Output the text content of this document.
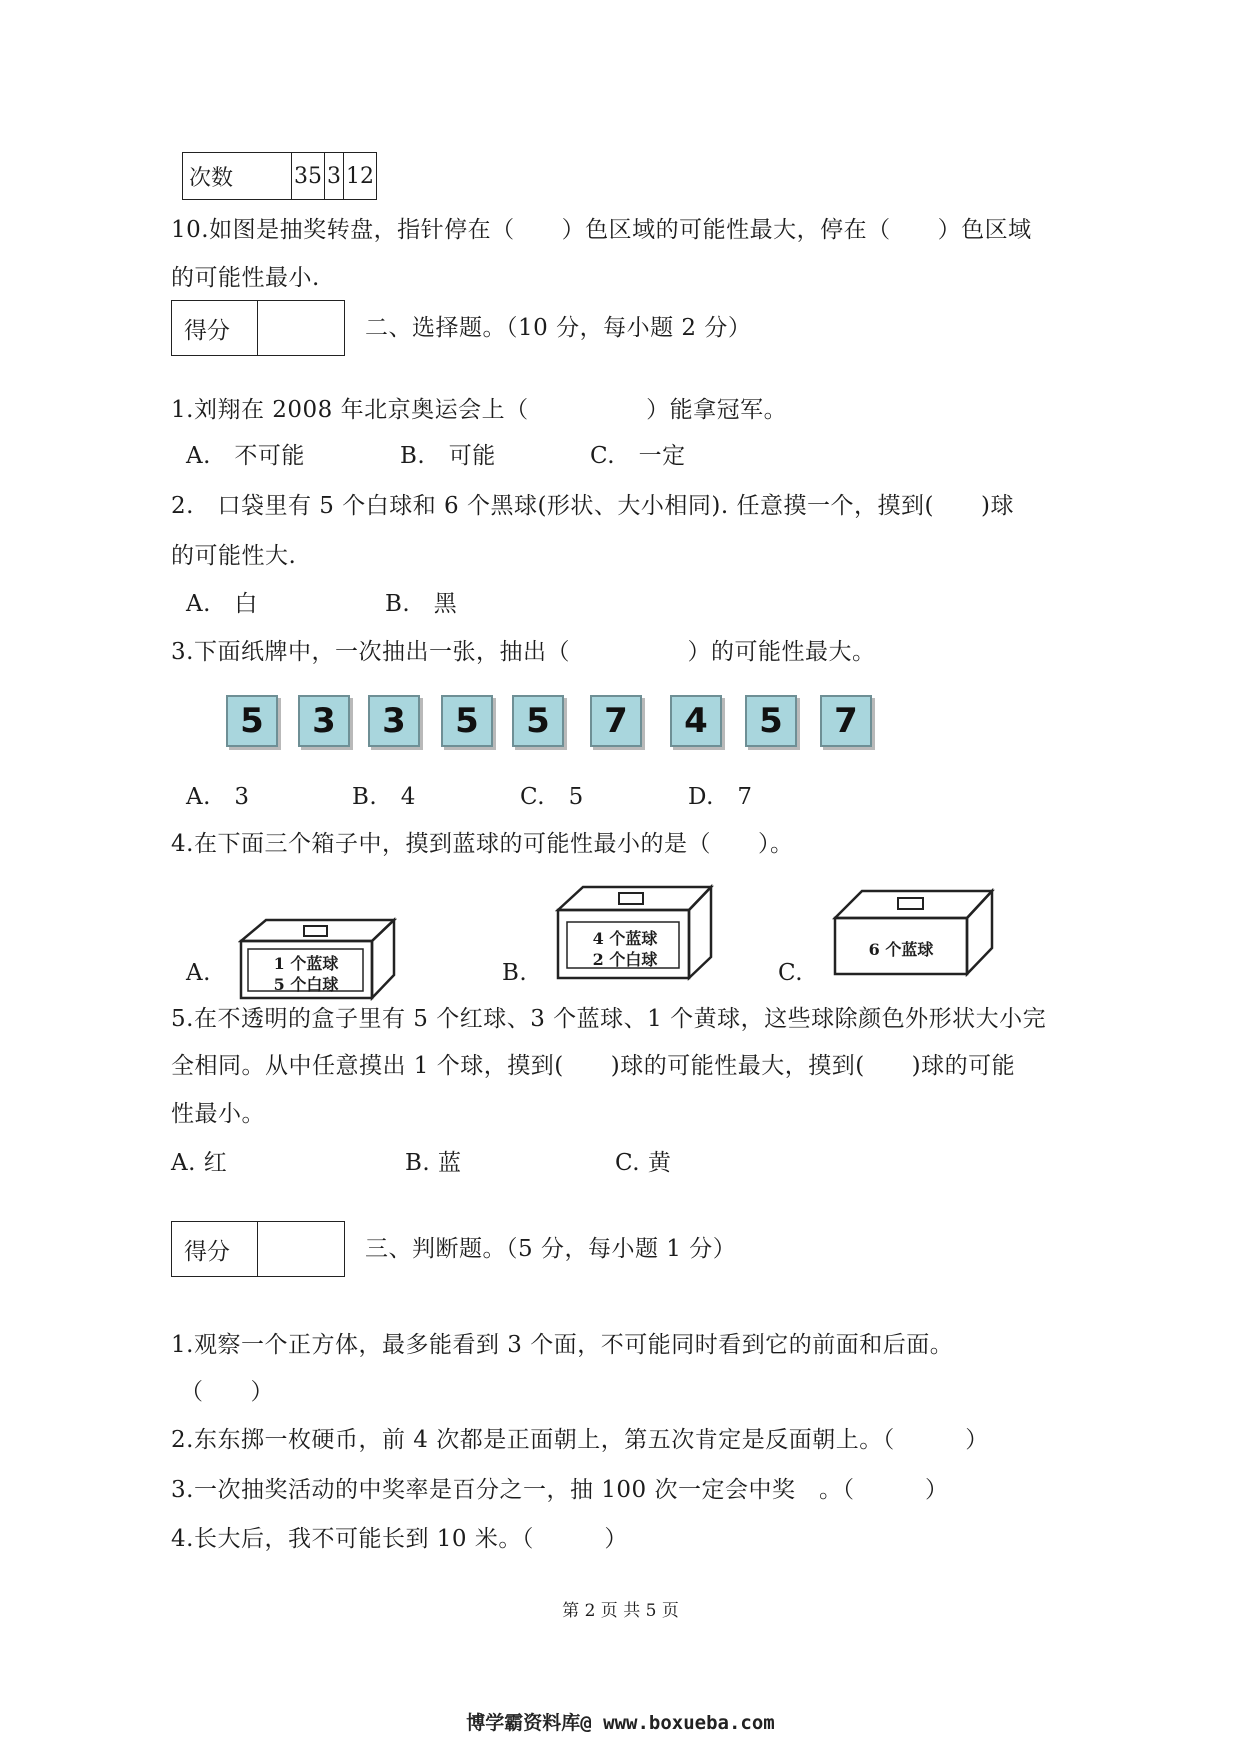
次数	35	3	12
10.如图是抽奖转盘，指针停在（　　）色区域的可能性最大，停在（　　）色区域
的可能性最小.
得分	二、选择题。（10 分，每小题 2 分）
1.刘翔在 2008 年北京奥运会上（　　　　　）能拿冠军。
A.　不可能	B.　可能	C.　一定
2.　口袋里有 5 个白球和 6 个黑球(形状、大小相同). 任意摸一个，摸到(　　)球
的可能性大.
A.　白	B.　黑
3.下面纸牌中，一次抽出一张，抽出（　　　　　）的可能性最大。
5	3	3	5	5	7	4	5	7
A.　3	B.　4	C.　5	D.　7
4.在下面三个箱子中，摸到蓝球的可能性最小的是（　　）。
A.	1 个蓝球
5 个白球	B.
4 个蓝球
2 个白球
C.
6 个蓝球
5.在不透明的盒子里有 5 个红球、3 个蓝球、1 个黄球，这些球除颜色外形状大小完
全相同。从中任意摸出 1 个球，摸到(　　)球的可能性最大，摸到(　　)球的可能
性最小。
A. 红	B. 蓝	C. 黄
得分	三、判断题。（5 分，每小题 1 分）
1.观察一个正方体，最多能看到 3 个面，不可能同时看到它的前面和后面。
（　　）
2.东东掷一枚硬币，前 4 次都是正面朝上，第五次肯定是反面朝上。（　　　）
3.一次抽奖活动的中奖率是百分之一，抽 100 次一定会中奖　。（　　　）
4.长大后，我不可能长到 10 米。（　　　）
第 2 页 共 5 页
博学霸资料库@ www.boxueba.com
